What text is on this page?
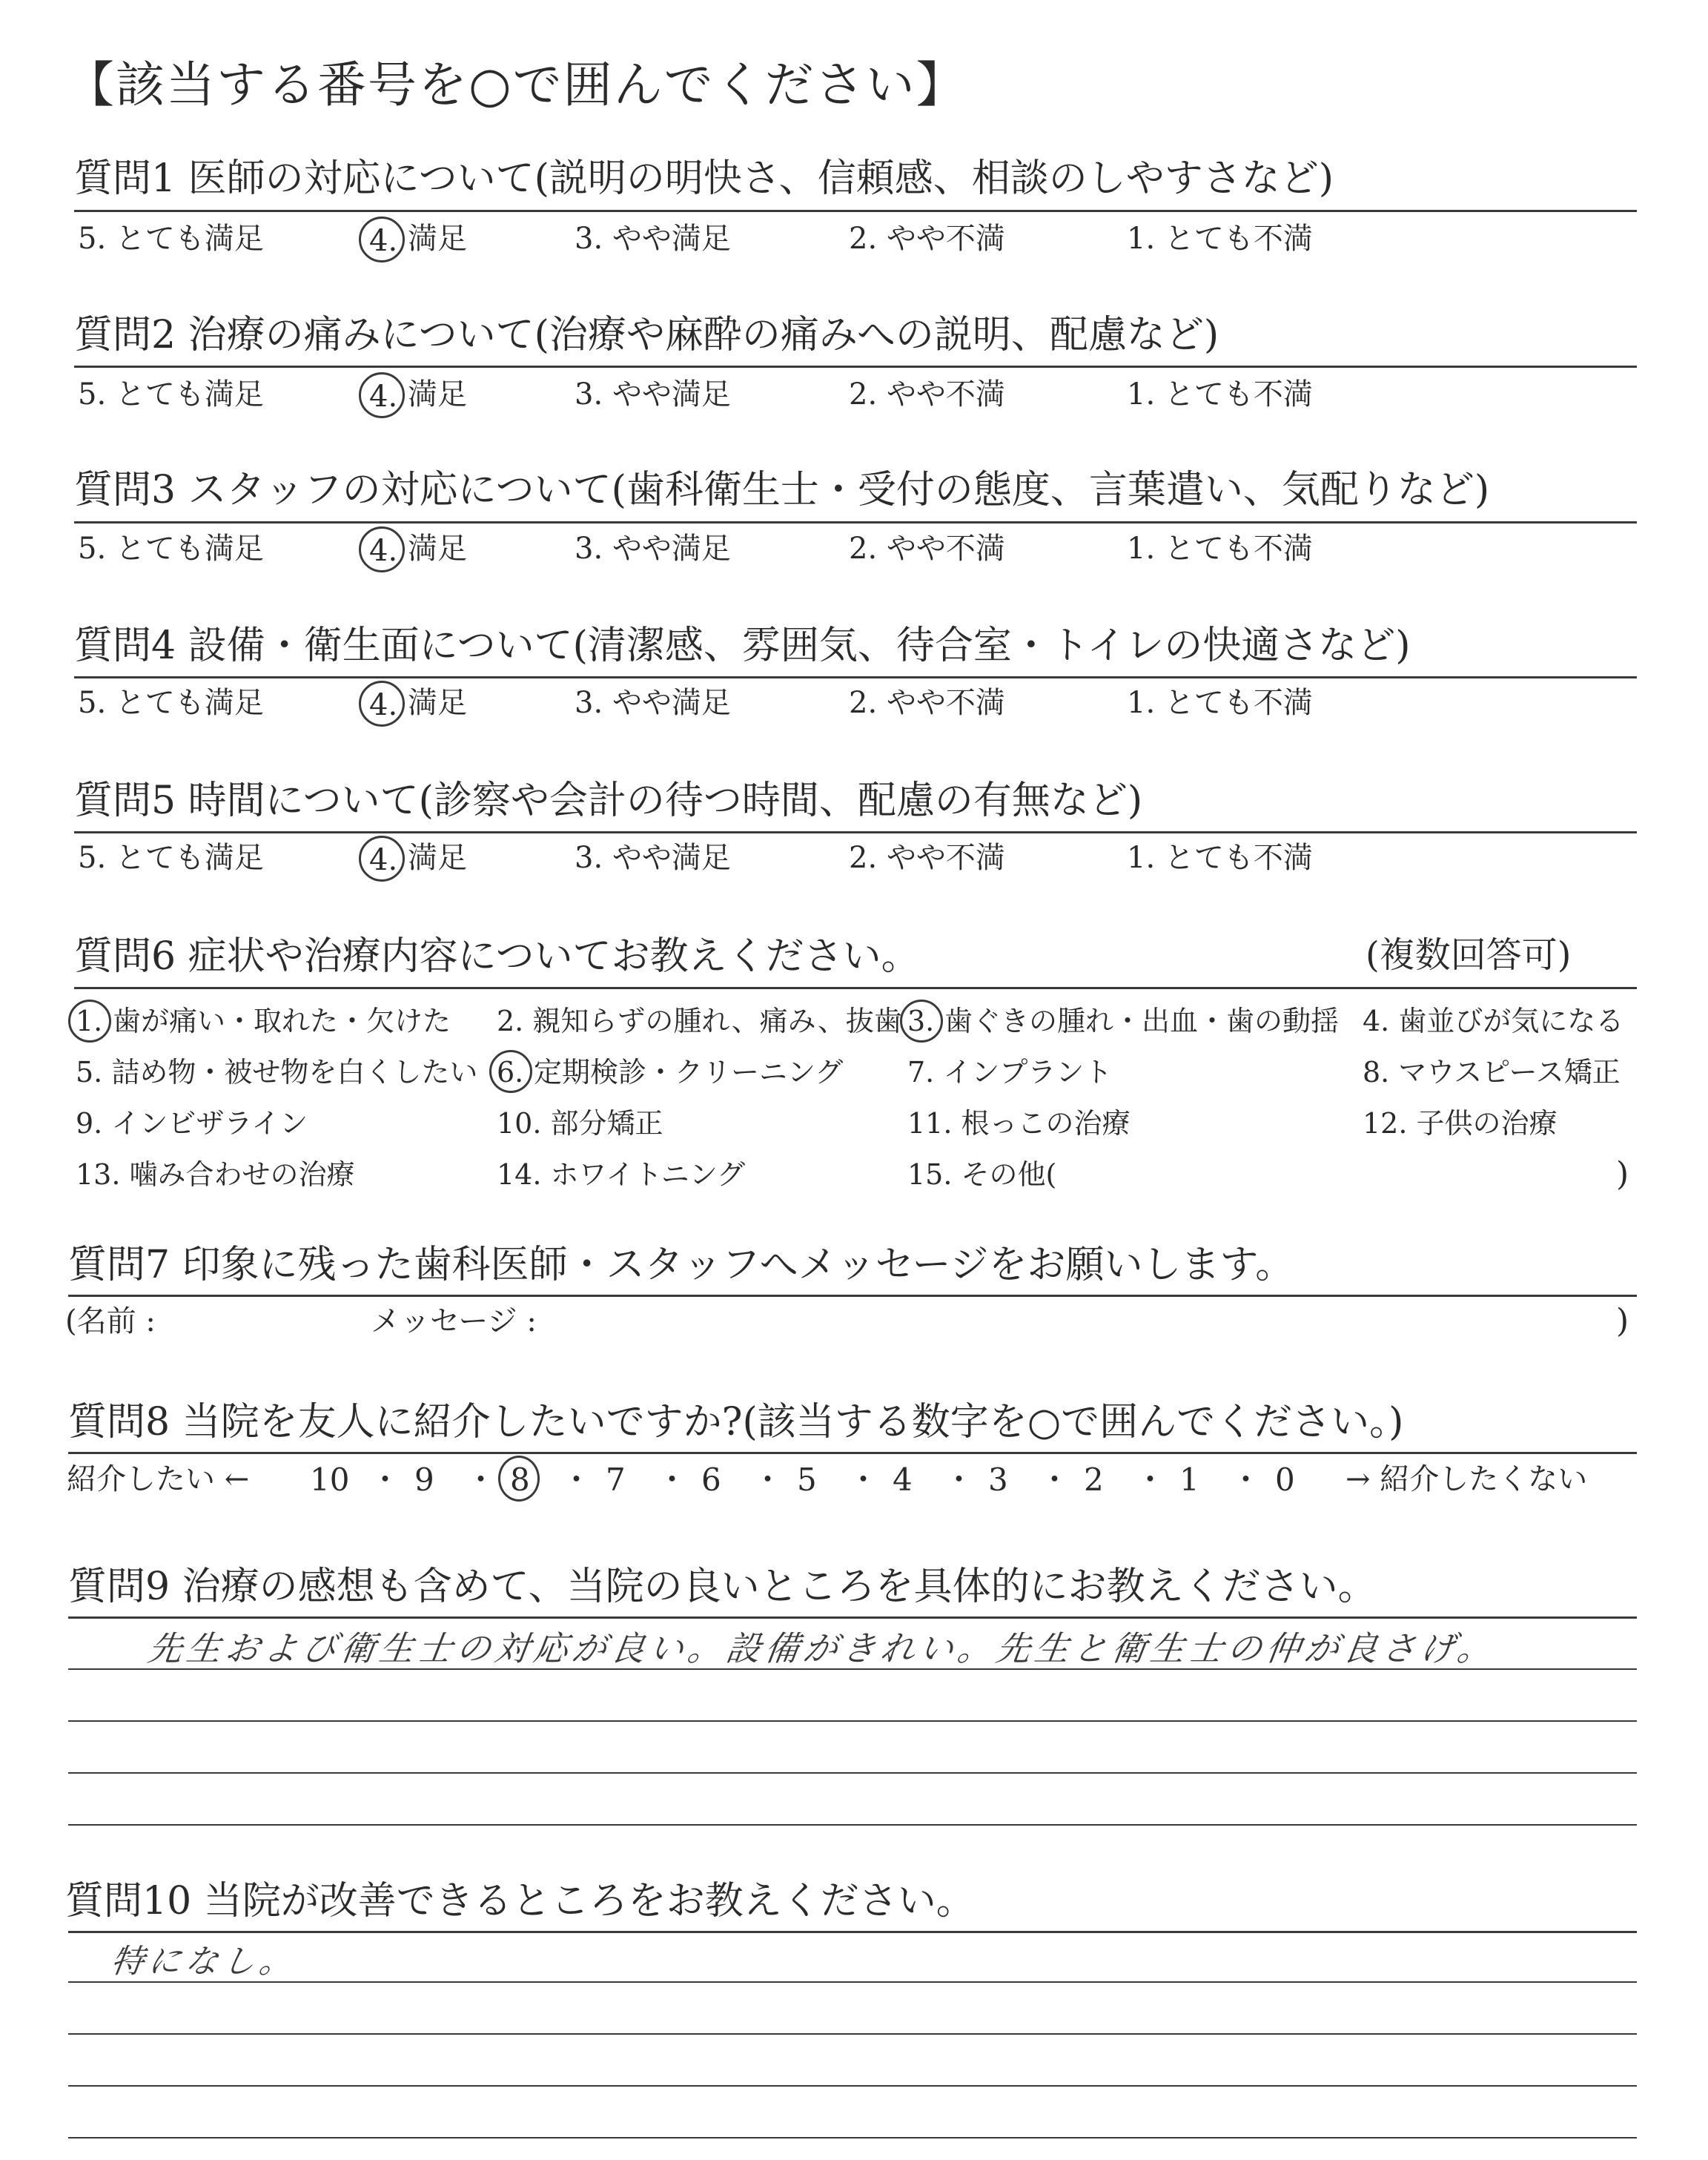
【該当する番号を○で囲んでください】
質問1 医師の対応について(説明の明快さ、信頼感、相談のしやすさなど)
5. とても満足	4. 満足	3. やや満足	2. やや不満	1. とても不満
質問2 治療の痛みについて(治療や麻酔の痛みへの説明、配慮など)
5. とても満足	4. 満足	3. やや満足	2. やや不満	1. とても不満
質問3 スタッフの対応について(歯科衛生士・受付の態度、言葉遣い、気配りなど)
5. とても満足	4. 満足	3. やや満足	2. やや不満	1. とても不満
質問4 設備・衛生面について(清潔感、雰囲気、待合室・トイレの快適さなど)
5. とても満足	4. 満足	3. やや満足	2. やや不満	1. とても不満
質問5 時間について(診察や会計の待つ時間、配慮の有無など)
5. とても満足	4. 満足	3. やや満足	2. やや不満	1. とても不満
質問6 症状や治療内容についてお教えください。	(複数回答可)
1. 歯が痛い・取れた・欠けた 2. 親知らずの腫れ、痛み、抜歯 3. 歯ぐきの腫れ・出血・歯の動揺 4. 歯並びが気になる
5. 詰め物・被せ物を白くしたい 6. 定期検診・クリーニング 7. インプラント	8. マウスピース矯正
9. インビザライン	10. 部分矯正	11. 根っこの治療	12. 子供の治療
13. 噛み合わせの治療	14. ホワイトニング	15. その他(	)
質問7 印象に残った歯科医師・スタッフへメッセージをお願いします。
(名前 :	メッセージ :	)
質問8 当院を友人に紹介したいですか?(該当する数字を○で囲んでください。)
紹介したい ← 10 ・ 9 ・ 8 ・ 7 ・ 6 ・ 5 ・ 4 ・ 3 ・ 2 ・ 1 ・ 0 → 紹介したくない
質問9 治療の感想も含めて、当院の良いところを具体的にお教えください。
先生および衛生士の対応が良い。設備がきれい。先生と衛生士の仲が良さげ。
質問10 当院が改善できるところをお教えください。
特になし。
